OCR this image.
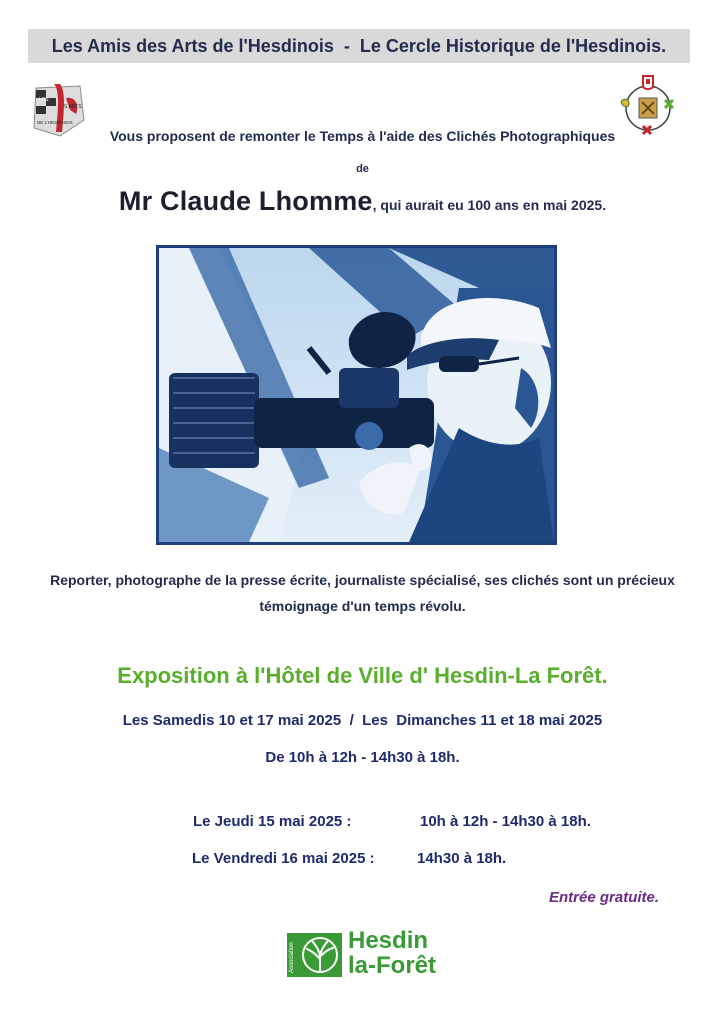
Les Amis des Arts de l'Hesdinois  -  Le Cercle Historique de l'Hesdinois.
LES
S ARTS
DE L'HESDINOIS
Vous proposent de remonter le Temps à l'aide des Clichés Photographiques
de
Mr Claude Lhomme, qui aurait eu 100 ans en mai 2025.
Reporter, photographe de la presse écrite, journaliste spécialisé, ses clichés sont un précieux
témoignage d'un temps révolu.
Exposition à l'Hôtel de Ville d' Hesdin-La Forêt.
Les Samedis 10 et 17 mai 2025  /  Les  Dimanches 11 et 18 mai 2025
De 10h à 12h - 14h30 à 18h.
Le Jeudi 15 mai 2025 :	10h à 12h - 14h30 à 18h.
Le Vendredi 16 mai 2025 :	14h30 à 18h.
Entrée gratuite.
Association
Hesdin
la-Forêt
